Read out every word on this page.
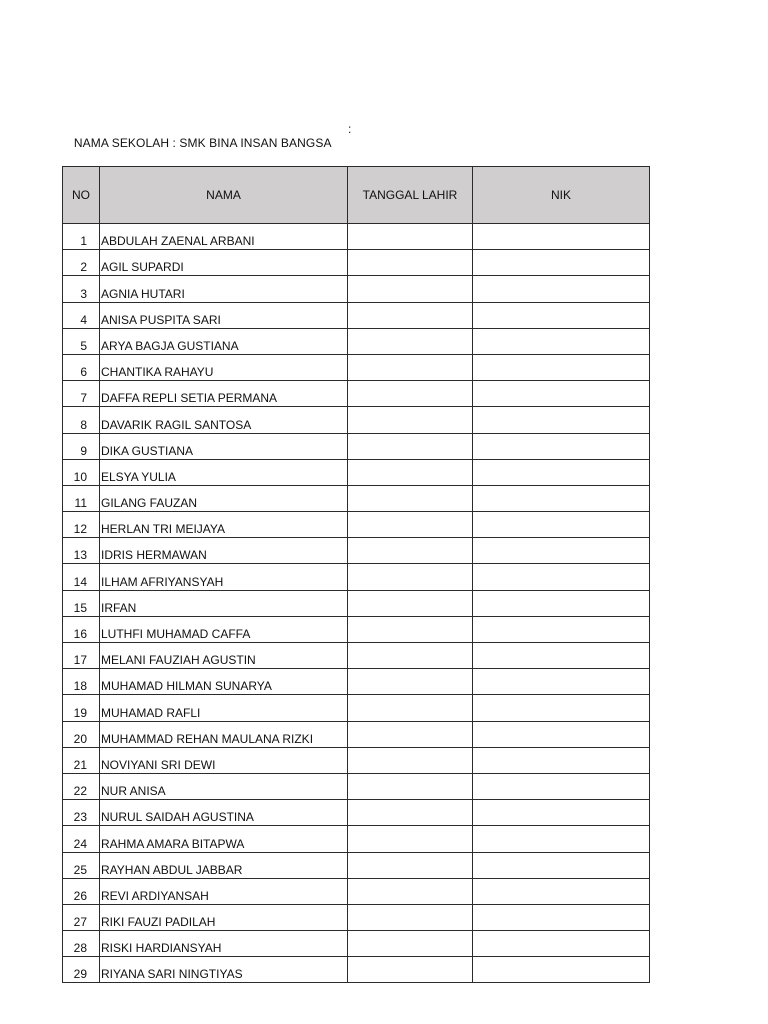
NAMA SEKOLAH : SMK BINA INSAN BANGSA

:

NO	NAMA	TANGGAL LAHIR	NIK
1	ABDULAH ZAENAL ARBANI		
2	AGIL SUPARDI		
3	AGNIA HUTARI		
4	ANISA PUSPITA SARI		
5	ARYA BAGJA GUSTIANA		
6	CHANTIKA RAHAYU		
7	DAFFA REPLI SETIA PERMANA		
8	DAVARIK RAGIL SANTOSA		
9	DIKA GUSTIANA		
10	ELSYA YULIA		
11	GILANG FAUZAN		
12	HERLAN TRI MEIJAYA		
13	IDRIS HERMAWAN		
14	ILHAM AFRIYANSYAH		
15	IRFAN		
16	LUTHFI MUHAMAD CAFFA		
17	MELANI FAUZIAH AGUSTIN		
18	MUHAMAD HILMAN SUNARYA		
19	MUHAMAD RAFLI		
20	MUHAMMAD REHAN MAULANA RIZKI		
21	NOVIYANI SRI DEWI		
22	NUR ANISA		
23	NURUL SAIDAH AGUSTINA		
24	RAHMA AMARA BITAPWA		
25	RAYHAN ABDUL JABBAR		
26	REVI ARDIYANSAH		
27	RIKI FAUZI PADILAH		
28	RISKI HARDIANSYAH		
29	RIYANA SARI NINGTIYAS		
